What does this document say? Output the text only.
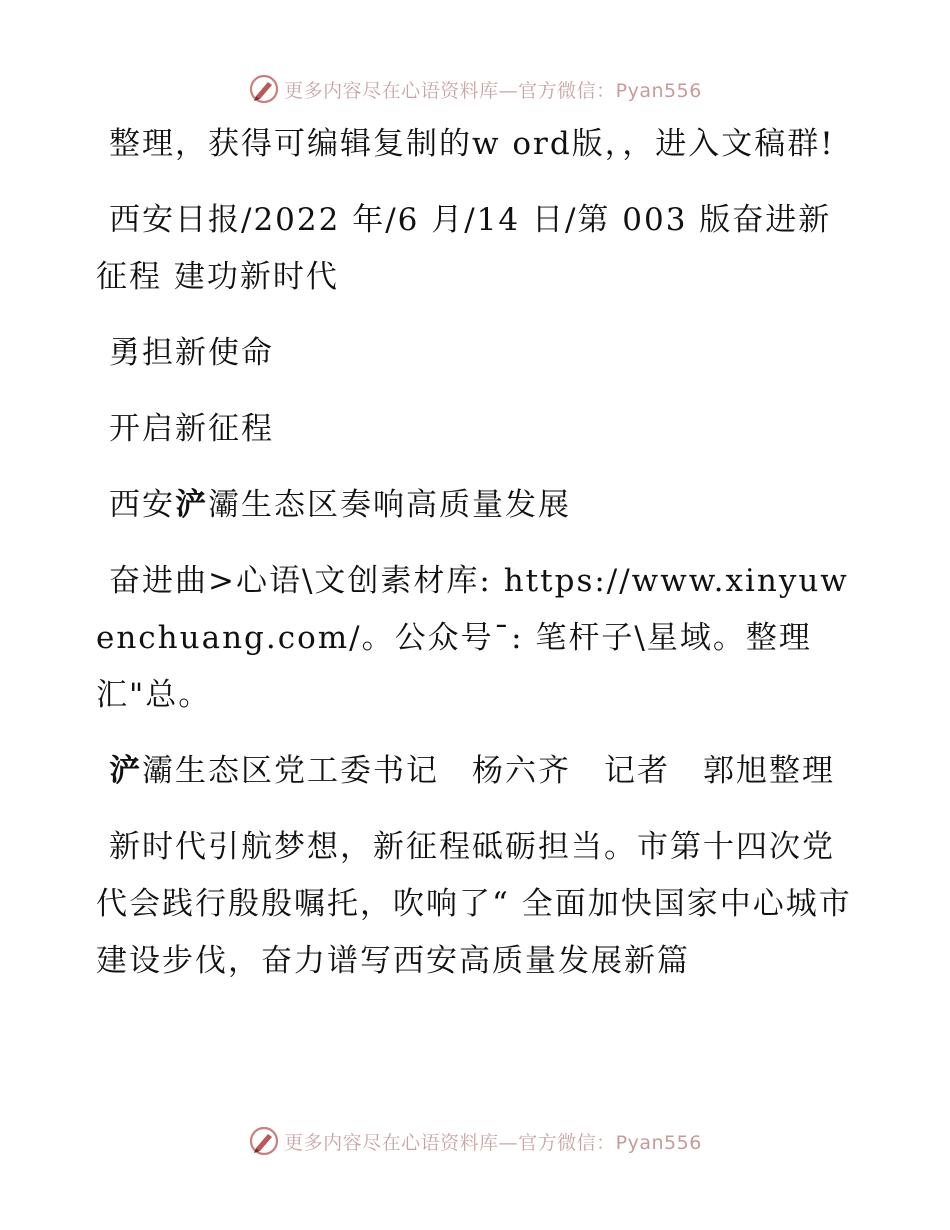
更多内容尽在心语资料库—官方微信：Pyan556

整理，获得可编辑复制的w ord版，，进入文稿群!

西安日报/2022 年/6 月/14 日/第 003 版奋进新征程 建功新时代

勇担新使命

开启新征程

西安浐灞生态区奏响高质量发展

奋进曲>心语\文创素材库: https://www.xinyuwenchuang.com/。公众号¯: 笔杆子\星域。整理汇"总。

浐灞生态区党工委书记　杨六齐　记者　郭旭整理

新时代引航梦想，新征程砥砺担当。市第十四次党代会践行殷殷嘱托，吹响了“ 全面加快国家中心城市建设步伐，奋力谱写西安高质量发展新篇

更多内容尽在心语资料库—官方微信：Pyan556
